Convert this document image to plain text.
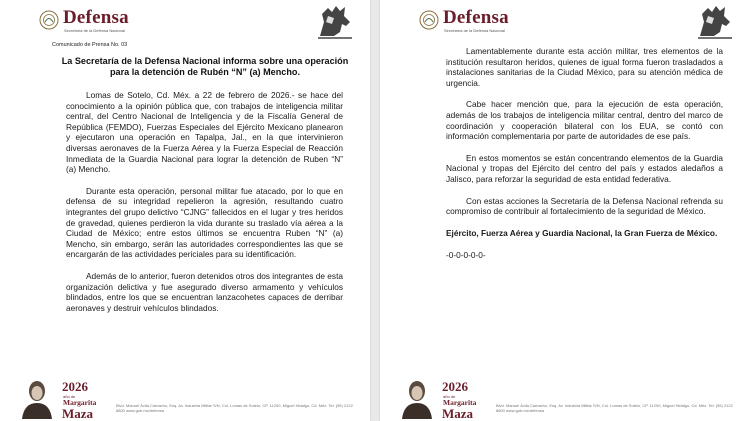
Defensa
Secretaría de la Defensa Nacional
Comunicado de Prensa No. 03
La Secretaría de la Defensa Nacional informa sobre una operación para la detención de Rubén “N” (a) Mencho.

Lomas de Sotelo, Cd. Méx. a 22 de febrero de 2026.- se hace del conocimiento a la opinión pública que, con trabajos de inteligencia militar central, del Centro Nacional de Inteligencia y de la Fiscalía General de República (FEMDO), Fuerzas Especiales del Ejército Mexicano planearon y ejecutaron una operación en Tapalpa, Jal., en la que intervinieron diversas aeronaves de la Fuerza Aérea y la Fuerza Especial de Reacción Inmediata de la Guardia Nacional para lograr la detención de Ruben “N” (a) Mencho.

Durante esta operación, personal militar fue atacado, por lo que en defensa de su integridad repelieron la agresión, resultando cuatro integrantes del grupo delictivo “CJNG” fallecidos en el lugar y tres heridos de gravedad, quienes perdieron la vida durante su traslado vía aérea a la Ciudad de México; entre estos últimos se encuentra Ruben “N” (a) Mencho, sin embargo, serán las autoridades correspondientes las que se encargarán de las actividades periciales para su identificación.

Además de lo anterior, fueron detenidos otros dos integrantes de esta organización delictiva y fue asegurado diverso armamento y vehículos blindados, entre los que se encuentran lanzacohetes capaces de derribar aeronaves y destruir vehículos blindados.

2026
año de
Margarita
Maza
Blvd. Manuel Ávila Camacho, Esq. Av. Industria Militar S/N, Col. Lomas de Sotelo, CP. 11200, Miguel Hidalgo, Cd. Méx. Tel: (55) 2122 8800 www.gob.mx/defensa
Defensa
Secretaría de la Defensa Nacional

Lamentablemente durante esta acción militar, tres elementos de la institución resultaron heridos, quienes de igual forma fueron trasladados a instalaciones sanitarias de la Ciudad México, para su atención médica de urgencia.

Cabe hacer mención que, para la ejecución de esta operación, además de los trabajos de inteligencia militar central, dentro del marco de coordinación y cooperación bilateral con los EUA, se contó con información complementaria por parte de autoridades de ese país.

En estos momentos se están concentrando elementos de la Guardia Nacional y tropas del Ejército del centro del país y estados aledaños a Jalisco, para reforzar la seguridad de esta entidad federativa.

Con estas acciones la Secretaría de la Defensa Nacional refrenda su compromiso de contribuir al fortalecimiento de la seguridad de México.

Ejército, Fuerza Aérea y Guardia Nacional, la Gran Fuerza de México.

-0-0-0-0-0-

2026
año de
Margarita
Maza
Blvd. Manuel Ávila Camacho, Esq. Av. Industria Militar S/N, Col. Lomas de Sotelo, CP. 11200, Miguel Hidalgo, Cd. Méx. Tel: (55) 2122 8800 www.gob.mx/defensa
